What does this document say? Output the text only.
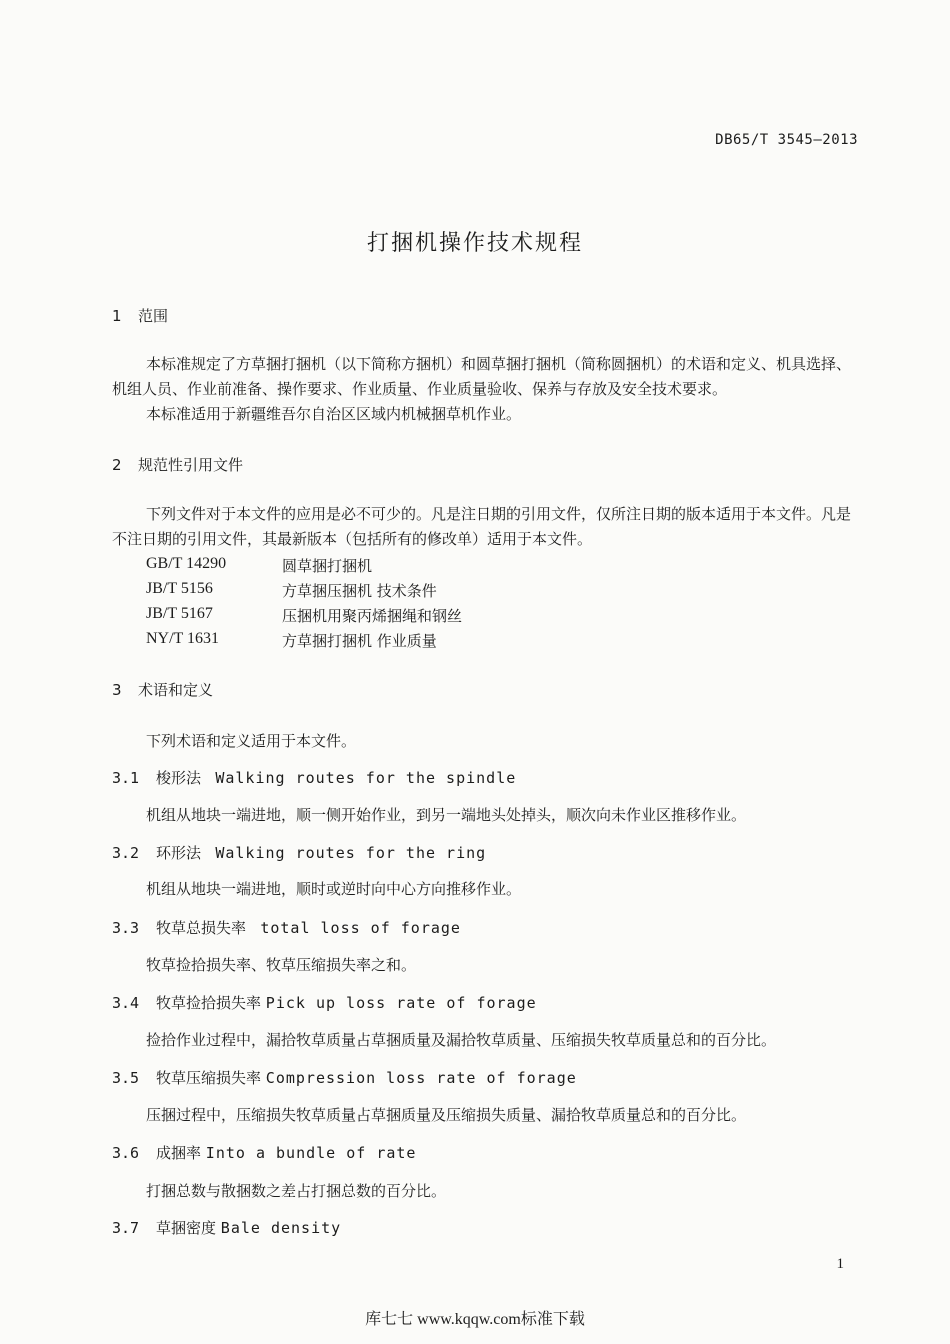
DB65/T 3545—2013
打捆机操作技术规程
1 范围
本标准规定了方草捆打捆机（以下简称方捆机）和圆草捆打捆机（简称圆捆机）的术语和定义、机具选择、机组人员、作业前准备、操作要求、作业质量、作业质量验收、保养与存放及安全技术要求。
本标准适用于新疆维吾尔自治区区域内机械捆草机作业。
2 规范性引用文件
下列文件对于本文件的应用是必不可少的。凡是注日期的引用文件，仅所注日期的版本适用于本文件。凡是不注日期的引用文件，其最新版本（包括所有的修改单）适用于本文件。
GB/T 14290	圆草捆打捆机
JB/T 5156	方草捆压捆机 技术条件
JB/T 5167	压捆机用聚丙烯捆绳和钢丝
NY/T 1631	方草捆打捆机 作业质量
3 术语和定义
下列术语和定义适用于本文件。
3.1 梭形法 Walking routes for the spindle
机组从地块一端进地，顺一侧开始作业，到另一端地头处掉头，顺次向未作业区推移作业。
3.2 环形法 Walking routes for the ring
机组从地块一端进地，顺时或逆时向中心方向推移作业。
3.3 牧草总损失率 total loss of forage
牧草捡拾损失率、牧草压缩损失率之和。
3.4 牧草捡拾损失率 Pick up loss rate of forage
捡拾作业过程中，漏拾牧草质量占草捆质量及漏拾牧草质量、压缩损失牧草质量总和的百分比。
3.5 牧草压缩损失率 Compression loss rate of forage
压捆过程中，压缩损失牧草质量占草捆质量及压缩损失质量、漏拾牧草质量总和的百分比。
3.6 成捆率 Into a bundle of rate
打捆总数与散捆数之差占打捆总数的百分比。
3.7 草捆密度 Bale density
1
库七七 www.kqqw.com标准下载
